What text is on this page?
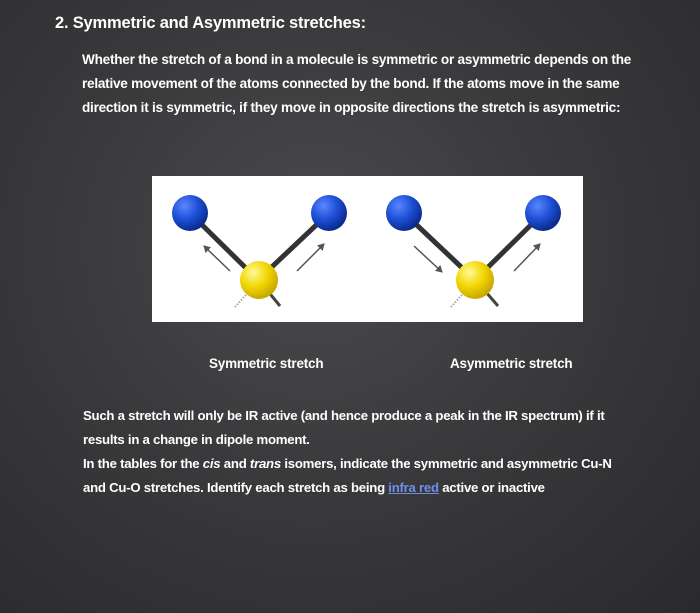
2. Symmetric and Asymmetric stretches:
Whether the stretch of a bond in a molecule is symmetric or asymmetric depends on the
relative movement of the atoms connected by the bond. If the atoms move in the same
direction it is symmetric, if they move in opposite directions the stretch is asymmetric:
Symmetric stretch	Asymmetric stretch
Such a stretch will only be IR active (and hence produce a peak in the IR spectrum) if it
results in a change in dipole moment.
In the tables for the cis and trans isomers, indicate the symmetric and asymmetric Cu-N
and Cu-O stretches. Identify each stretch as being infra red active or inactive
